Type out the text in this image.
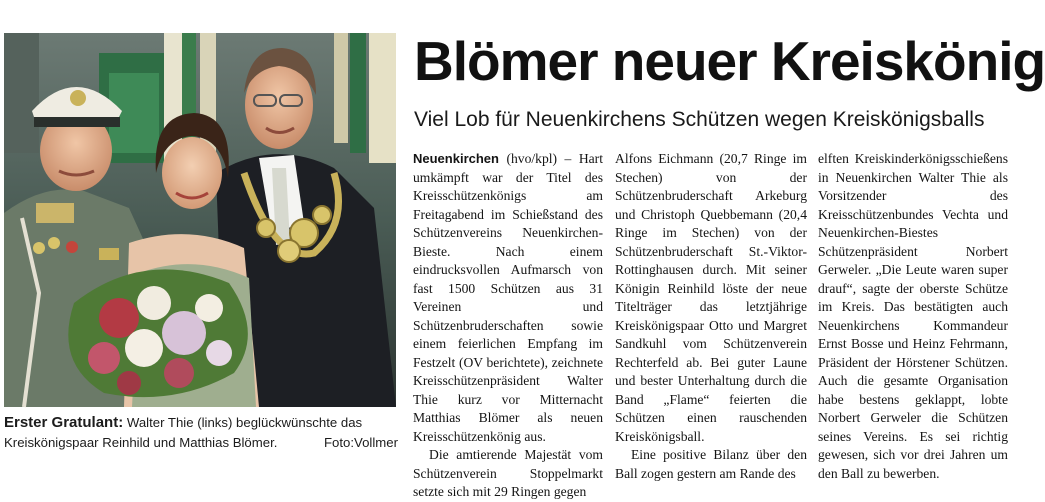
Erster Gratulant: Walter Thie (links) beglückwünschte das
Kreiskönigspaar Reinhild und Matthias Blömer.	Foto:Vollmer
Blömer neuer Kreiskönig
Viel Lob für Neuenkirchens Schützen wegen Kreiskönigsballs

Neuenkirchen (hvo/kpl) – Hart umkämpft war der Titel des Kreisschützenkönigs am Freitagabend im Schießstand des Schützenvereins Neuenkirchen-Bieste. Nach einem eindrucksvollen Aufmarsch von fast 1500 Schützen aus 31 Vereinen und Schützenbruderschaften sowie einem feierlichen Empfang im Festzelt (OV berichtete), zeichnete Kreisschützenpräsident Walter Thie kurz vor Mitternacht Matthias Blömer als neuen Kreisschützenkönig aus.

Die amtierende Majestät vom Schützenverein Stoppelmarkt setzte sich mit 29 Ringen gegen

Alfons Eichmann (20,7 Ringe im Stechen) von der Schützenbruderschaft Arkeburg und Christoph Quebbemann (20,4 Ringe im Stechen) von der Schützenbruderschaft St.-Viktor-Rottinghausen durch. Mit seiner Königin Reinhild löste der neue Titelträger das letztjährige Kreiskönigspaar Otto und Margret Sandkuhl vom Schützenverein Rechterfeld ab. Bei guter Laune und bester Unterhaltung durch die Band „Flame“ feierten die Schützen einen rauschenden Kreiskönigsball.

Eine positive Bilanz über den Ball zogen gestern am Rande des

elften Kreiskinderkönigsschießens in Neuenkirchen Walter Thie als Vorsitzender des Kreisschützenbundes Vechta und Neuenkirchen-Biestes Schützenpräsident Norbert Gerweler. „Die Leute waren super drauf“, sagte der oberste Schütze im Kreis. Das bestätigten auch Neuenkirchens Kommandeur Ernst Bosse und Heinz Fehrmann, Präsident der Hörstener Schützen. Auch die gesamte Organisation habe bestens geklappt, lobte Norbert Gerweler die Schützen seines Vereins. Es sei richtig gewesen, sich vor drei Jahren um den Ball zu bewerben.
